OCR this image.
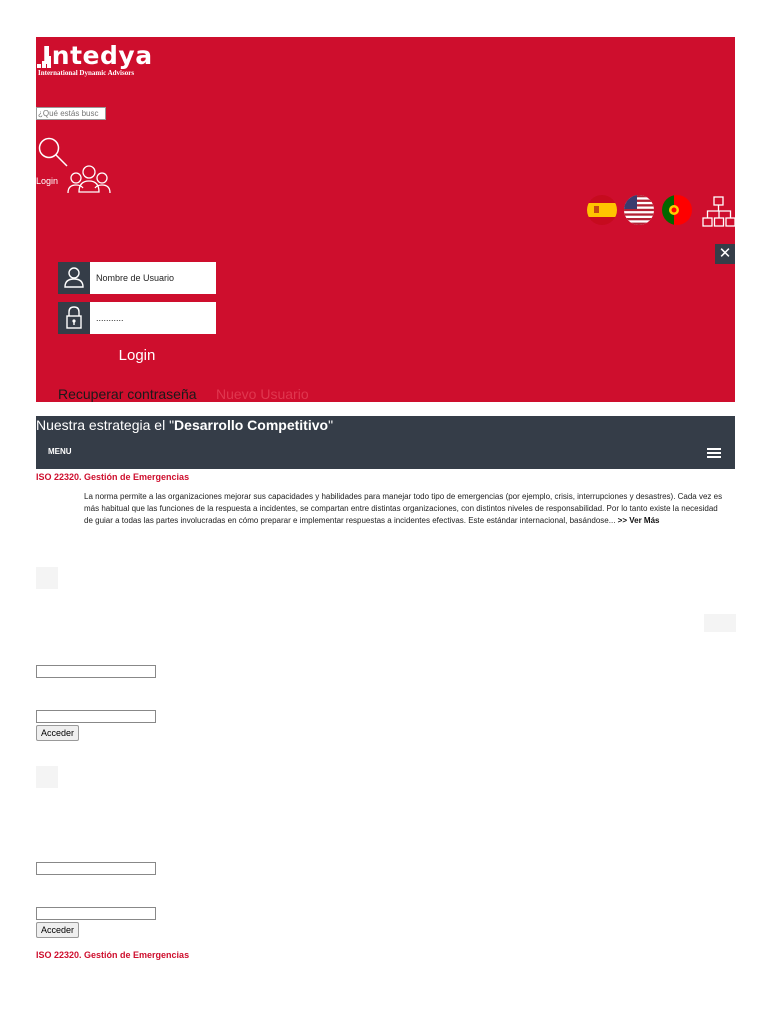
Intedya
International Dynamic Advisors
¿Qué estás busc
Login
✕
Nombre de Usuario
...........
Login
Recuperar contraseña Nuevo Usuario
Nuestra estrategia el "Desarrollo Competitivo"
MENU
ISO 22320. Gestión de Emergencias
La norma permite a las organizaciones mejorar sus capacidades y habilidades para manejar todo tipo de emergencias (por ejemplo, crisis, interrupciones y desastres). Cada vez es más habitual que las funciones de la respuesta a incidentes, se compartan entre distintas organizaciones, con distintos niveles de responsabilidad. Por lo tanto existe la necesidad de guiar a todas las partes involucradas en cómo preparar e implementar respuestas a incidentes efectivas. Este estándar internacional, basándose... >> Ver Más
Acceder
Acceder
ISO 22320. Gestión de Emergencias
